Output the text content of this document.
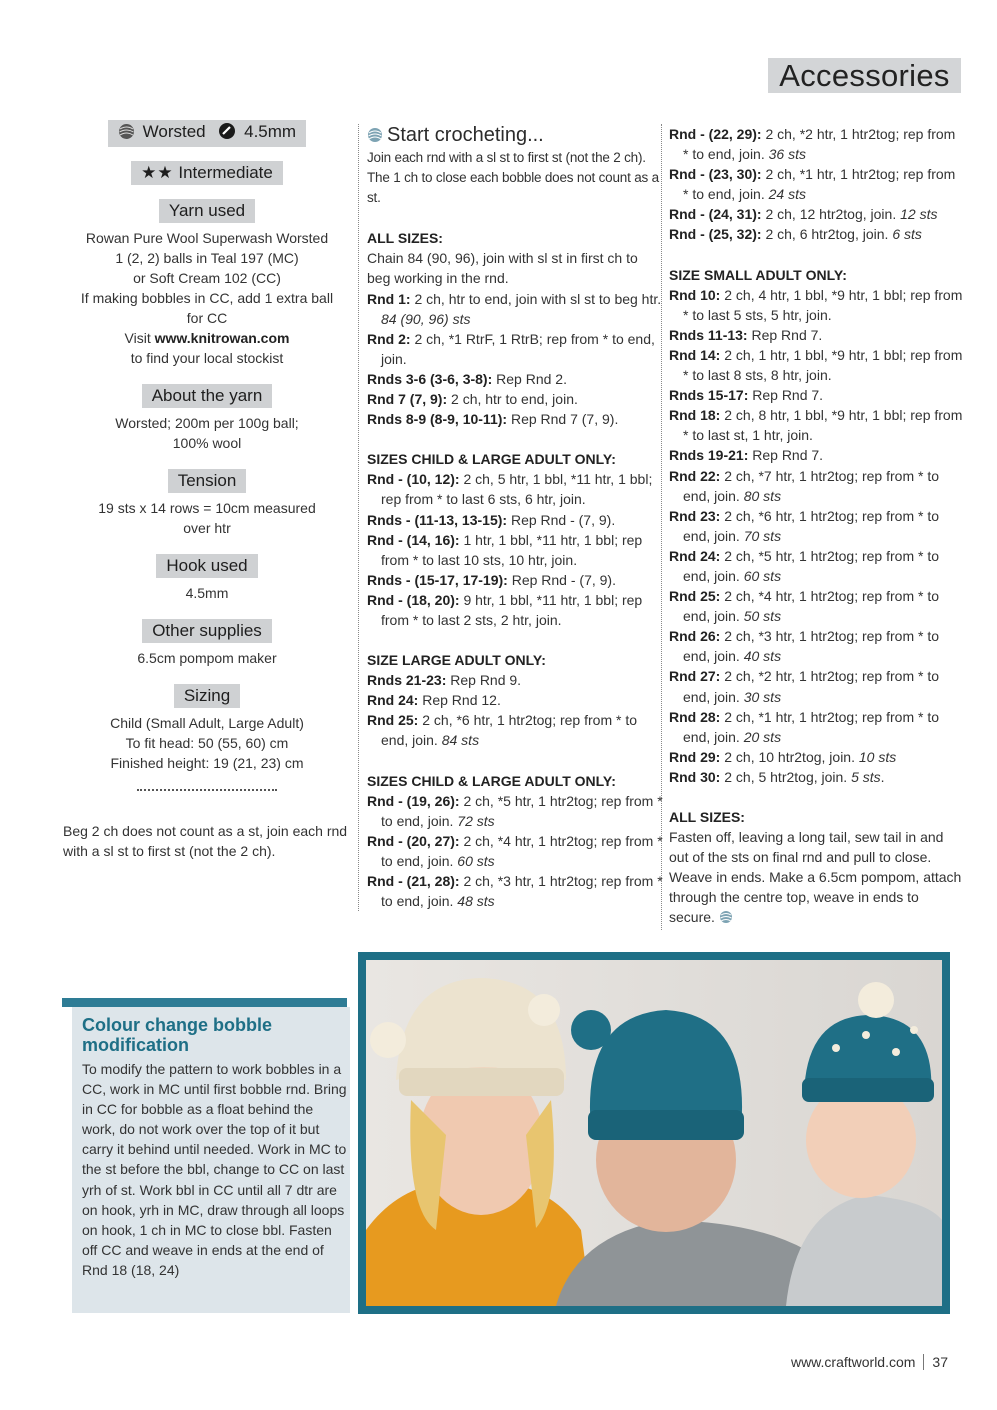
Accessories
Worsted 4.5mm
★★ Intermediate
Yarn used

Rowan Pure Wool Superwash Worsted

1 (2, 2) balls in Teal 197 (MC)

or Soft Cream 102 (CC)

If making bobbles in CC, add 1 extra ball

for CC

Visit www.knitrowan.com

to find your local stockist

About the yarn

Worsted; 200m per 100g ball;

100% wool

Tension

19 sts x 14 rows = 10cm measured

over htr

Hook used

4.5mm

Other supplies

6.5cm pompom maker

Sizing

Child (Small Adult, Large Adult)

To fit head: 50 (55, 60) cm

Finished height: 19 (21, 23) cm

Beg 2 ch does not count as a st, join each rnd with a sl st to first st (not the 2 ch).

Start crocheting...

Join each rnd with a sl st to first st (not the 2 ch). The 1 ch to close each bobble does not count as a st.

ALL SIZES:

Chain 84 (90, 96), join with sl st in first ch to beg working in the rnd.

Rnd 1: 2 ch, htr to end, join with sl st to beg htr. 84 (90, 96) sts

Rnd 2: 2 ch, *1 RtrF, 1 RtrB; rep from * to end, join.

Rnds 3-6 (3-6, 3-8): Rep Rnd 2.

Rnd 7 (7, 9): 2 ch, htr to end, join.

Rnds 8-9 (8-9, 10-11): Rep Rnd 7 (7, 9).

SIZES CHILD & LARGE ADULT ONLY:

Rnd - (10, 12): 2 ch, 5 htr, 1 bbl, *11 htr, 1 bbl; rep from * to last 6 sts, 6 htr, join.

Rnds - (11-13, 13-15): Rep Rnd - (7, 9).

Rnd - (14, 16): 1 htr, 1 bbl, *11 htr, 1 bbl; rep from * to last 10 sts, 10 htr, join.

Rnds - (15-17, 17-19): Rep Rnd - (7, 9).

Rnd - (18, 20): 9 htr, 1 bbl, *11 htr, 1 bbl; rep from * to last 2 sts, 2 htr, join.

SIZE LARGE ADULT ONLY:

Rnds 21-23: Rep Rnd 9.

Rnd 24: Rep Rnd 12.

Rnd 25: 2 ch, *6 htr, 1 htr2tog; rep from * to end, join. 84 sts

SIZES CHILD & LARGE ADULT ONLY:

Rnd - (19, 26): 2 ch, *5 htr, 1 htr2tog; rep from * to end, join. 72 sts

Rnd - (20, 27): 2 ch, *4 htr, 1 htr2tog; rep from * to end, join. 60 sts

Rnd - (21, 28): 2 ch, *3 htr, 1 htr2tog; rep from * to end, join. 48 sts

Rnd - (22, 29): 2 ch, *2 htr, 1 htr2tog; rep from * to end, join. 36 sts

Rnd - (23, 30): 2 ch, *1 htr, 1 htr2tog; rep from * to end, join. 24 sts

Rnd - (24, 31): 2 ch, 12 htr2tog, join. 12 sts

Rnd - (25, 32): 2 ch, 6 htr2tog, join. 6 sts

SIZE SMALL ADULT ONLY:

Rnd 10: 2 ch, 4 htr, 1 bbl, *9 htr, 1 bbl; rep from * to last 5 sts, 5 htr, join.

Rnds 11-13: Rep Rnd 7.

Rnd 14: 2 ch, 1 htr, 1 bbl, *9 htr, 1 bbl; rep from * to last 8 sts, 8 htr, join.

Rnds 15-17: Rep Rnd 7.

Rnd 18: 2 ch, 8 htr, 1 bbl, *9 htr, 1 bbl; rep from * to last st, 1 htr, join.

Rnds 19-21: Rep Rnd 7.

Rnd 22: 2 ch, *7 htr, 1 htr2tog; rep from * to end, join. 80 sts

Rnd 23: 2 ch, *6 htr, 1 htr2tog; rep from * to end, join. 70 sts

Rnd 24: 2 ch, *5 htr, 1 htr2tog; rep from * to end, join. 60 sts

Rnd 25: 2 ch, *4 htr, 1 htr2tog; rep from * to end, join. 50 sts

Rnd 26: 2 ch, *3 htr, 1 htr2tog; rep from * to end, join. 40 sts

Rnd 27: 2 ch, *2 htr, 1 htr2tog; rep from * to end, join. 30 sts

Rnd 28: 2 ch, *1 htr, 1 htr2tog; rep from * to end, join. 20 sts

Rnd 29: 2 ch, 10 htr2tog, join. 10 sts

Rnd 30: 2 ch, 5 htr2tog, join. 5 sts.

ALL SIZES:

Fasten off, leaving a long tail, sew tail in and out of the sts on final rnd and pull to close. Weave in ends. Make a 6.5cm pompom, attach through the centre top, weave in ends to secure.

Colour change bobble modification

To modify the pattern to work bobbles in a CC, work in MC until first bobble rnd. Bring in CC for bobble as a float behind the work, do not work over the top of it but carry it behind until needed. Work in MC to the st before the bbl, change to CC on last yrh of st. Work bbl in CC until all 7 dtr are on hook, yrh in MC, draw through all loops on hook, 1 ch in MC to close bbl. Fasten off CC and weave in ends at the end of Rnd 18 (18, 24)

www.craftworld.com 37
